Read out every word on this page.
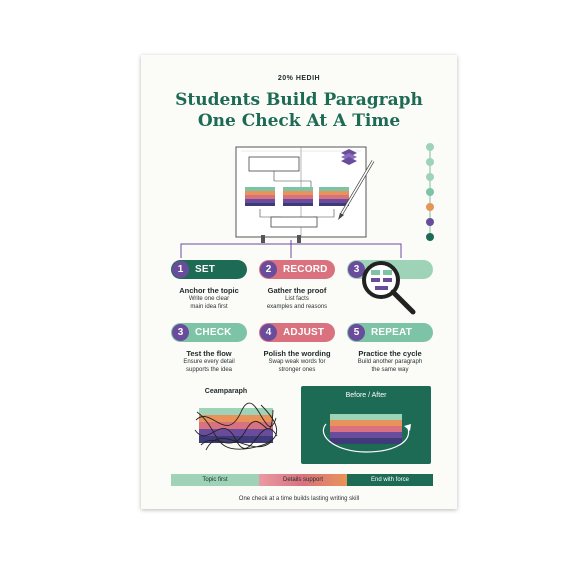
20% HEDIH
Students Build Paragraph
One Check At A Time
1	SET	2	RECORD	3
Anchor the topic
Write one clear
main idea first
Gather the proof
List facts
examples and reasons
3	CHECK	4	ADJUST	5	REPEAT
Test the flow
Ensure every detail
supports the idea
Polish the wording
Swap weak words for
stronger ones
Practice the cycle
Build another paragraph
the same way
Ceamparaph
Before / After
Topic first	Details support	End with force
One check at a time builds lasting writing skill
